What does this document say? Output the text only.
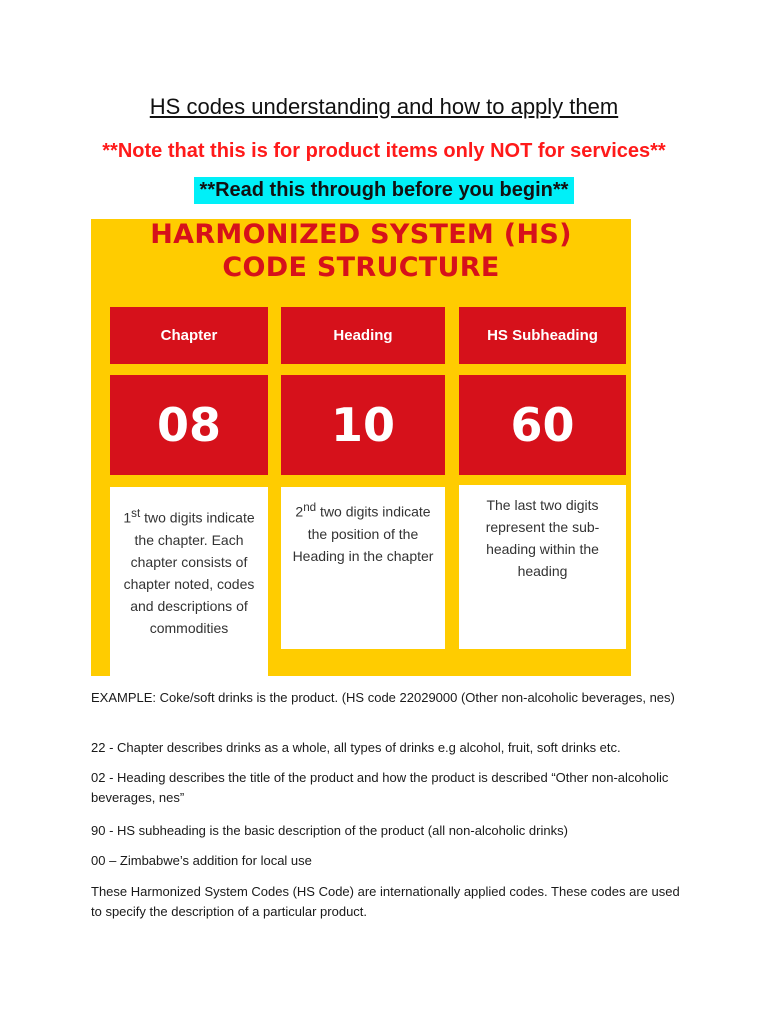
HS codes understanding and how to apply them
**Note that this is for product items only NOT for services**
**Read this through before you begin**
HARMONIZED SYSTEM (HS)
CODE STRUCTURE
Chapter
08
1st two digits indicate the chapter. Each chapter consists of chapter noted, codes and descriptions of commodities
Heading
10
2nd two digits indicate the position of the Heading in the chapter
HS Subheading
60
The last two digits represent the sub-heading within the heading

EXAMPLE: Coke/soft drinks is the product. (HS code 22029000 (Other non-alcoholic beverages, nes)

22 - Chapter describes drinks as a whole, all types of drinks e.g alcohol, fruit, soft drinks etc.

02 - Heading describes the title of the product and how the product is described “Other non-alcoholic beverages, nes”

90 - HS subheading is the basic description of the product (all non-alcoholic drinks)

00 – Zimbabwe’s addition for local use

These Harmonized System Codes (HS Code) are internationally applied codes. These codes are used to specify the description of a particular product.
